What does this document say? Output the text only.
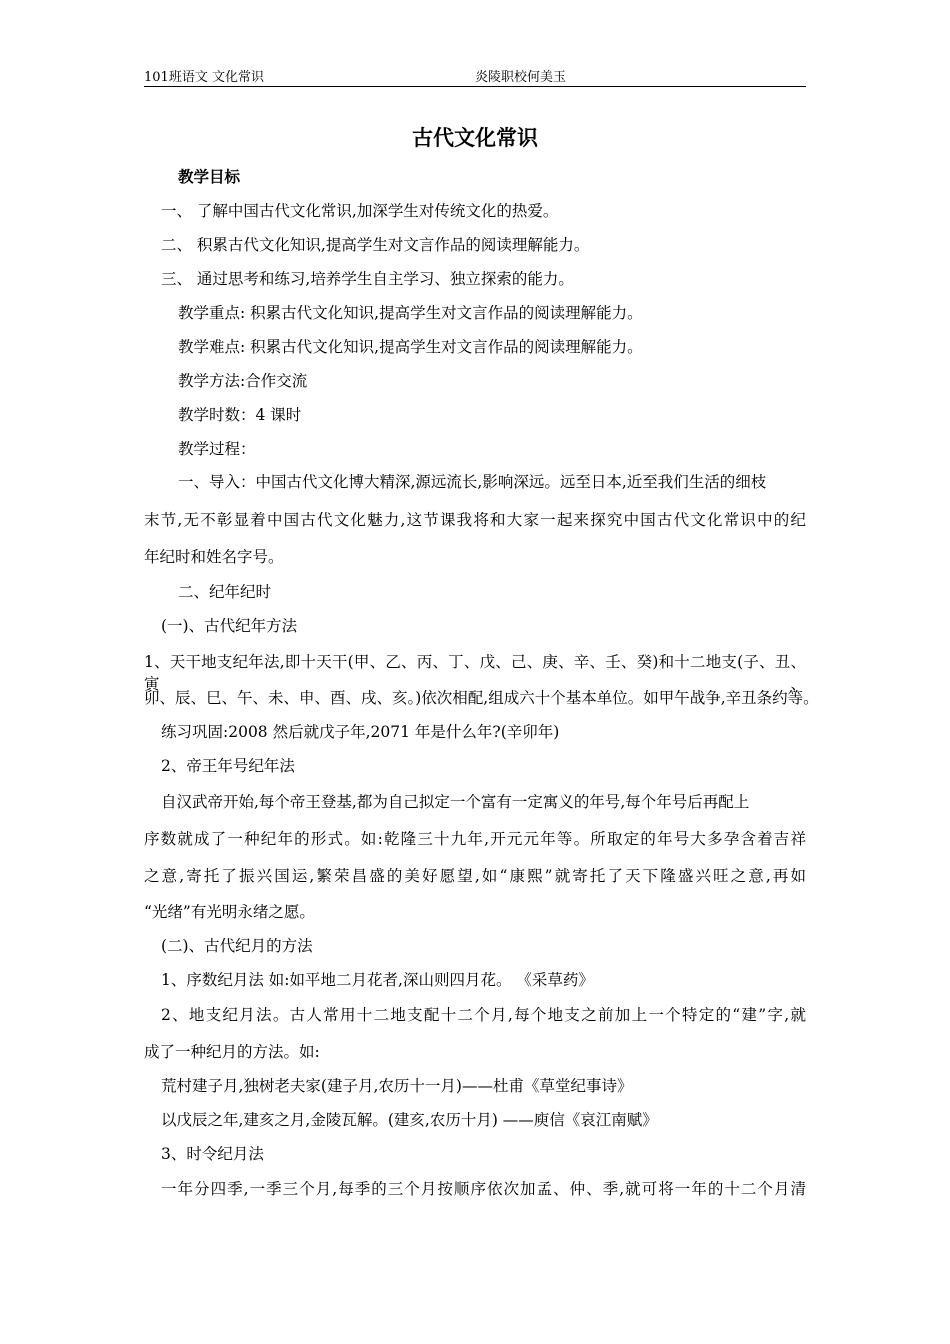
101班语文 文化常识	炎陵职校何美玉
古代文化常识
教学目标
一、 了解中国古代文化常识,加深学生对传统文化的热爱。
二、 积累古代文化知识,提高学生对文言作品的阅读理解能力。
三、 通过思考和练习,培养学生自主学习、独立探索的能力。
教学重点: 积累古代文化知识,提高学生对文言作品的阅读理解能力。
教学难点: 积累古代文化知识,提高学生对文言作品的阅读理解能力。
教学方法:合作交流
教学时数：4 课时
教学过程：
一、导入：中国古代文化博大精深,源远流长,影响深远。远至日本,近至我们生活的细枝
末节,无不彰显着中国古代文化魅力,这节课我将和大家一起来探究中国古代文化常识中的纪
年纪时和姓名字号。
二、纪年纪时
(一)、古代纪年方法
1、天干地支纪年法,即十天干(甲、乙、丙、丁、戊、己、庚、辛、壬、癸)和十二地支(子、丑、寅、
卯、辰、巳、午、未、申、酉、戌、亥。)依次相配,组成六十个基本单位。如甲午战争,辛丑条约等。
练习巩固:2008 然后就戊子年,2071 年是什么年?(辛卯年)
2、帝王年号纪年法
自汉武帝开始,每个帝王登基,都为自己拟定一个富有一定寓义的年号,每个年号后再配上
序数就成了一种纪年的形式。如:乾隆三十九年,开元元年等。所取定的年号大多孕含着吉祥
之意,寄托了振兴国运,繁荣昌盛的美好愿望,如“康熙”就寄托了天下隆盛兴旺之意,再如
“光绪”有光明永绪之愿。
(二)、古代纪月的方法
1、序数纪月法 如:如平地二月花者,深山则四月花。 《采草药》
2、地支纪月法。古人常用十二地支配十二个月,每个地支之前加上一个特定的“建”字,就
成了一种纪月的方法。如:
荒村建子月,独树老夫家(建子月,农历十一月)——杜甫《草堂纪事诗》
以戊辰之年,建亥之月,金陵瓦解。(建亥,农历十月) ——庾信《哀江南赋》
3、时令纪月法
一年分四季,一季三个月,每季的三个月按顺序依次加孟、仲、季,就可将一年的十二个月清
